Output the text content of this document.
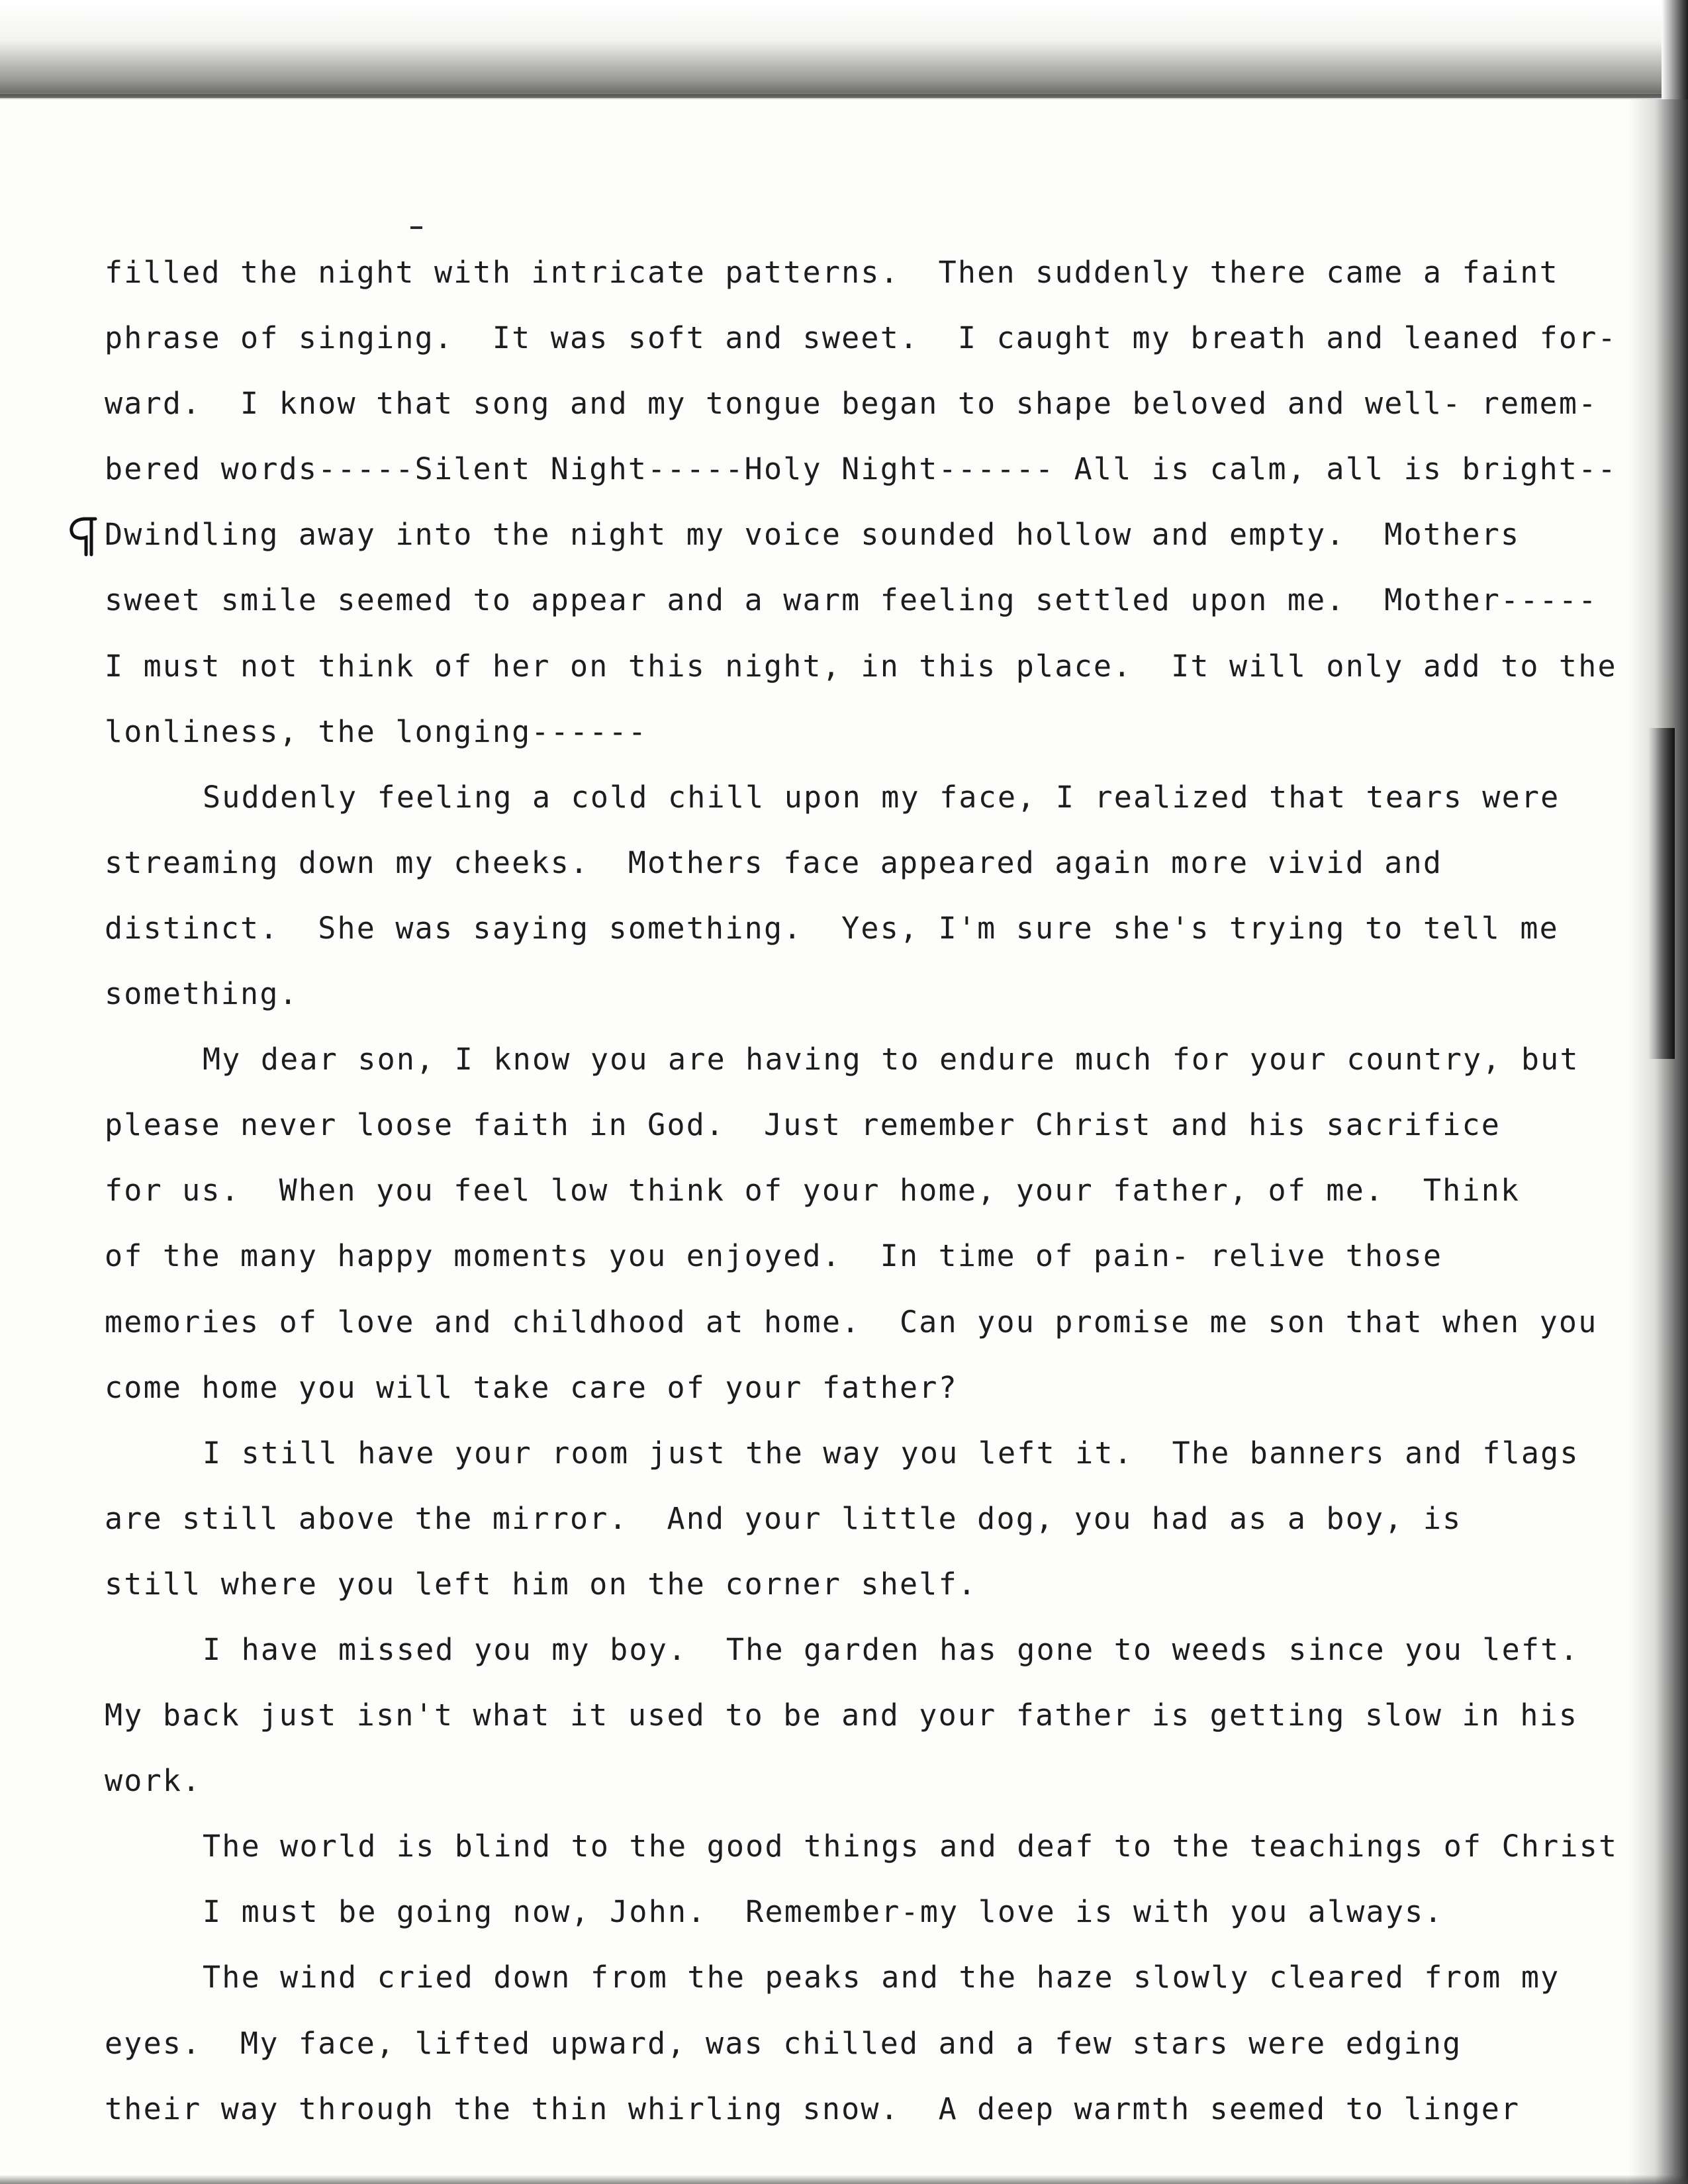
filled the night with intricate patterns.  Then suddenly there came a faint
phrase of singing.  It was soft and sweet.  I caught my breath and leaned for-
ward.  I know that song and my tongue began to shape beloved and well- remem-
bered words-----Silent Night-----Holy Night------ All is calm, all is bright--
Dwindling away into the night my voice sounded hollow and empty.  Mothers
sweet smile seemed to appear and a warm feeling settled upon me.  Mother-----
I must not think of her on this night, in this place.  It will only add to the
lonliness, the longing------
Suddenly feeling a cold chill upon my face, I realized that tears were
streaming down my cheeks.  Mothers face appeared again more vivid and
distinct.  She was saying something.  Yes, I'm sure she's trying to tell me
something.
My dear son, I know you are having to endure much for your country, but
please never loose faith in God.  Just remember Christ and his sacrifice
for us.  When you feel low think of your home, your father, of me.  Think
of the many happy moments you enjoyed.  In time of pain- relive those
memories of love and childhood at home.  Can you promise me son that when you
come home you will take care of your father?
I still have your room just the way you left it.  The banners and flags
are still above the mirror.  And your little dog, you had as a boy, is
still where you left him on the corner shelf.
I have missed you my boy.  The garden has gone to weeds since you left.
My back just isn't what it used to be and your father is getting slow in his
work.
The world is blind to the good things and deaf to the teachings of Christ
I must be going now, John.  Remember-my love is with you always.
The wind cried down from the peaks and the haze slowly cleared from my
eyes.  My face, lifted upward, was chilled and a few stars were edging
their way through the thin whirling snow.  A deep warmth seemed to linger
